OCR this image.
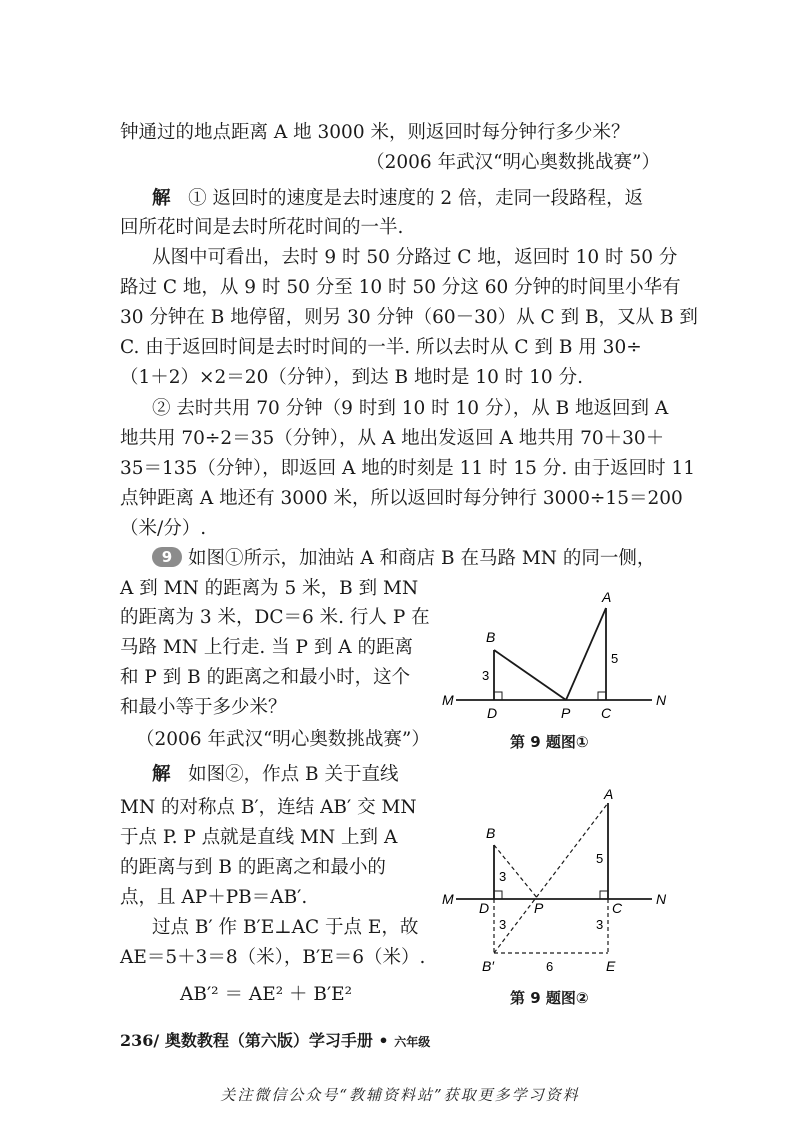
钟通过的地点距离 A 地 3000 米，则返回时每分钟行多少米？
（2006 年武汉“明心奥数挑战赛”）
解 ① 返回时的速度是去时速度的 2 倍，走同一段路程，返
回所花时间是去时所花时间的一半.
从图中可看出，去时 9 时 50 分路过 C 地，返回时 10 时 50 分
路过 C 地，从 9 时 50 分至 10 时 50 分这 60 分钟的时间里小华有
30 分钟在 B 地停留，则另 30 分钟（60－30）从 C 到 B，又从 B 到
C. 由于返回时间是去时时间的一半. 所以去时从 C 到 B 用 30÷
（1＋2）×2＝20（分钟），到达 B 地时是 10 时 10 分.
② 去时共用 70 分钟（9 时到 10 时 10 分），从 B 地返回到 A
地共用 70÷2＝35（分钟），从 A 地出发返回 A 地共用 70＋30＋
35＝135（分钟），即返回 A 地的时刻是 11 时 15 分. 由于返回时 11
点钟距离 A 地还有 3000 米，所以返回时每分钟行 3000÷15＝200
（米/分）.
9 如图①所示，加油站 A 和商店 B 在马路 MN 的同一侧，
A 到 MN 的距离为 5 米，B 到 MN
的距离为 3 米，DC＝6 米. 行人 P 在
马路 MN 上行走. 当 P 到 A 的距离
和 P 到 B 的距离之和最小时，这个
和最小等于多少米？
（2006 年武汉“明心奥数挑战赛”）
解 如图②，作点 B 关于直线
MN 的对称点 B′，连结 AB′ 交 MN
于点 P. P 点就是直线 MN 上到 A
的距离与到 B 的距离之和最小的
点，且 AP＋PB＝AB′.
过点 B′ 作 B′E⊥AC 于点 E，故
AE＝5＋3＝8（米），B′E＝6（米）.
AB′² ＝ AE² ＋ B′E²
A
B
3
5
M	N
D	P C
第 9 题图①
A
B
3
5
M	N
D	P	C
3	3
6
B′	E
第 9 题图②
236/ 奥数教程（第六版）学习手册 • 六年级
关注微信公众号“教辅资料站”获取更多学习资料
